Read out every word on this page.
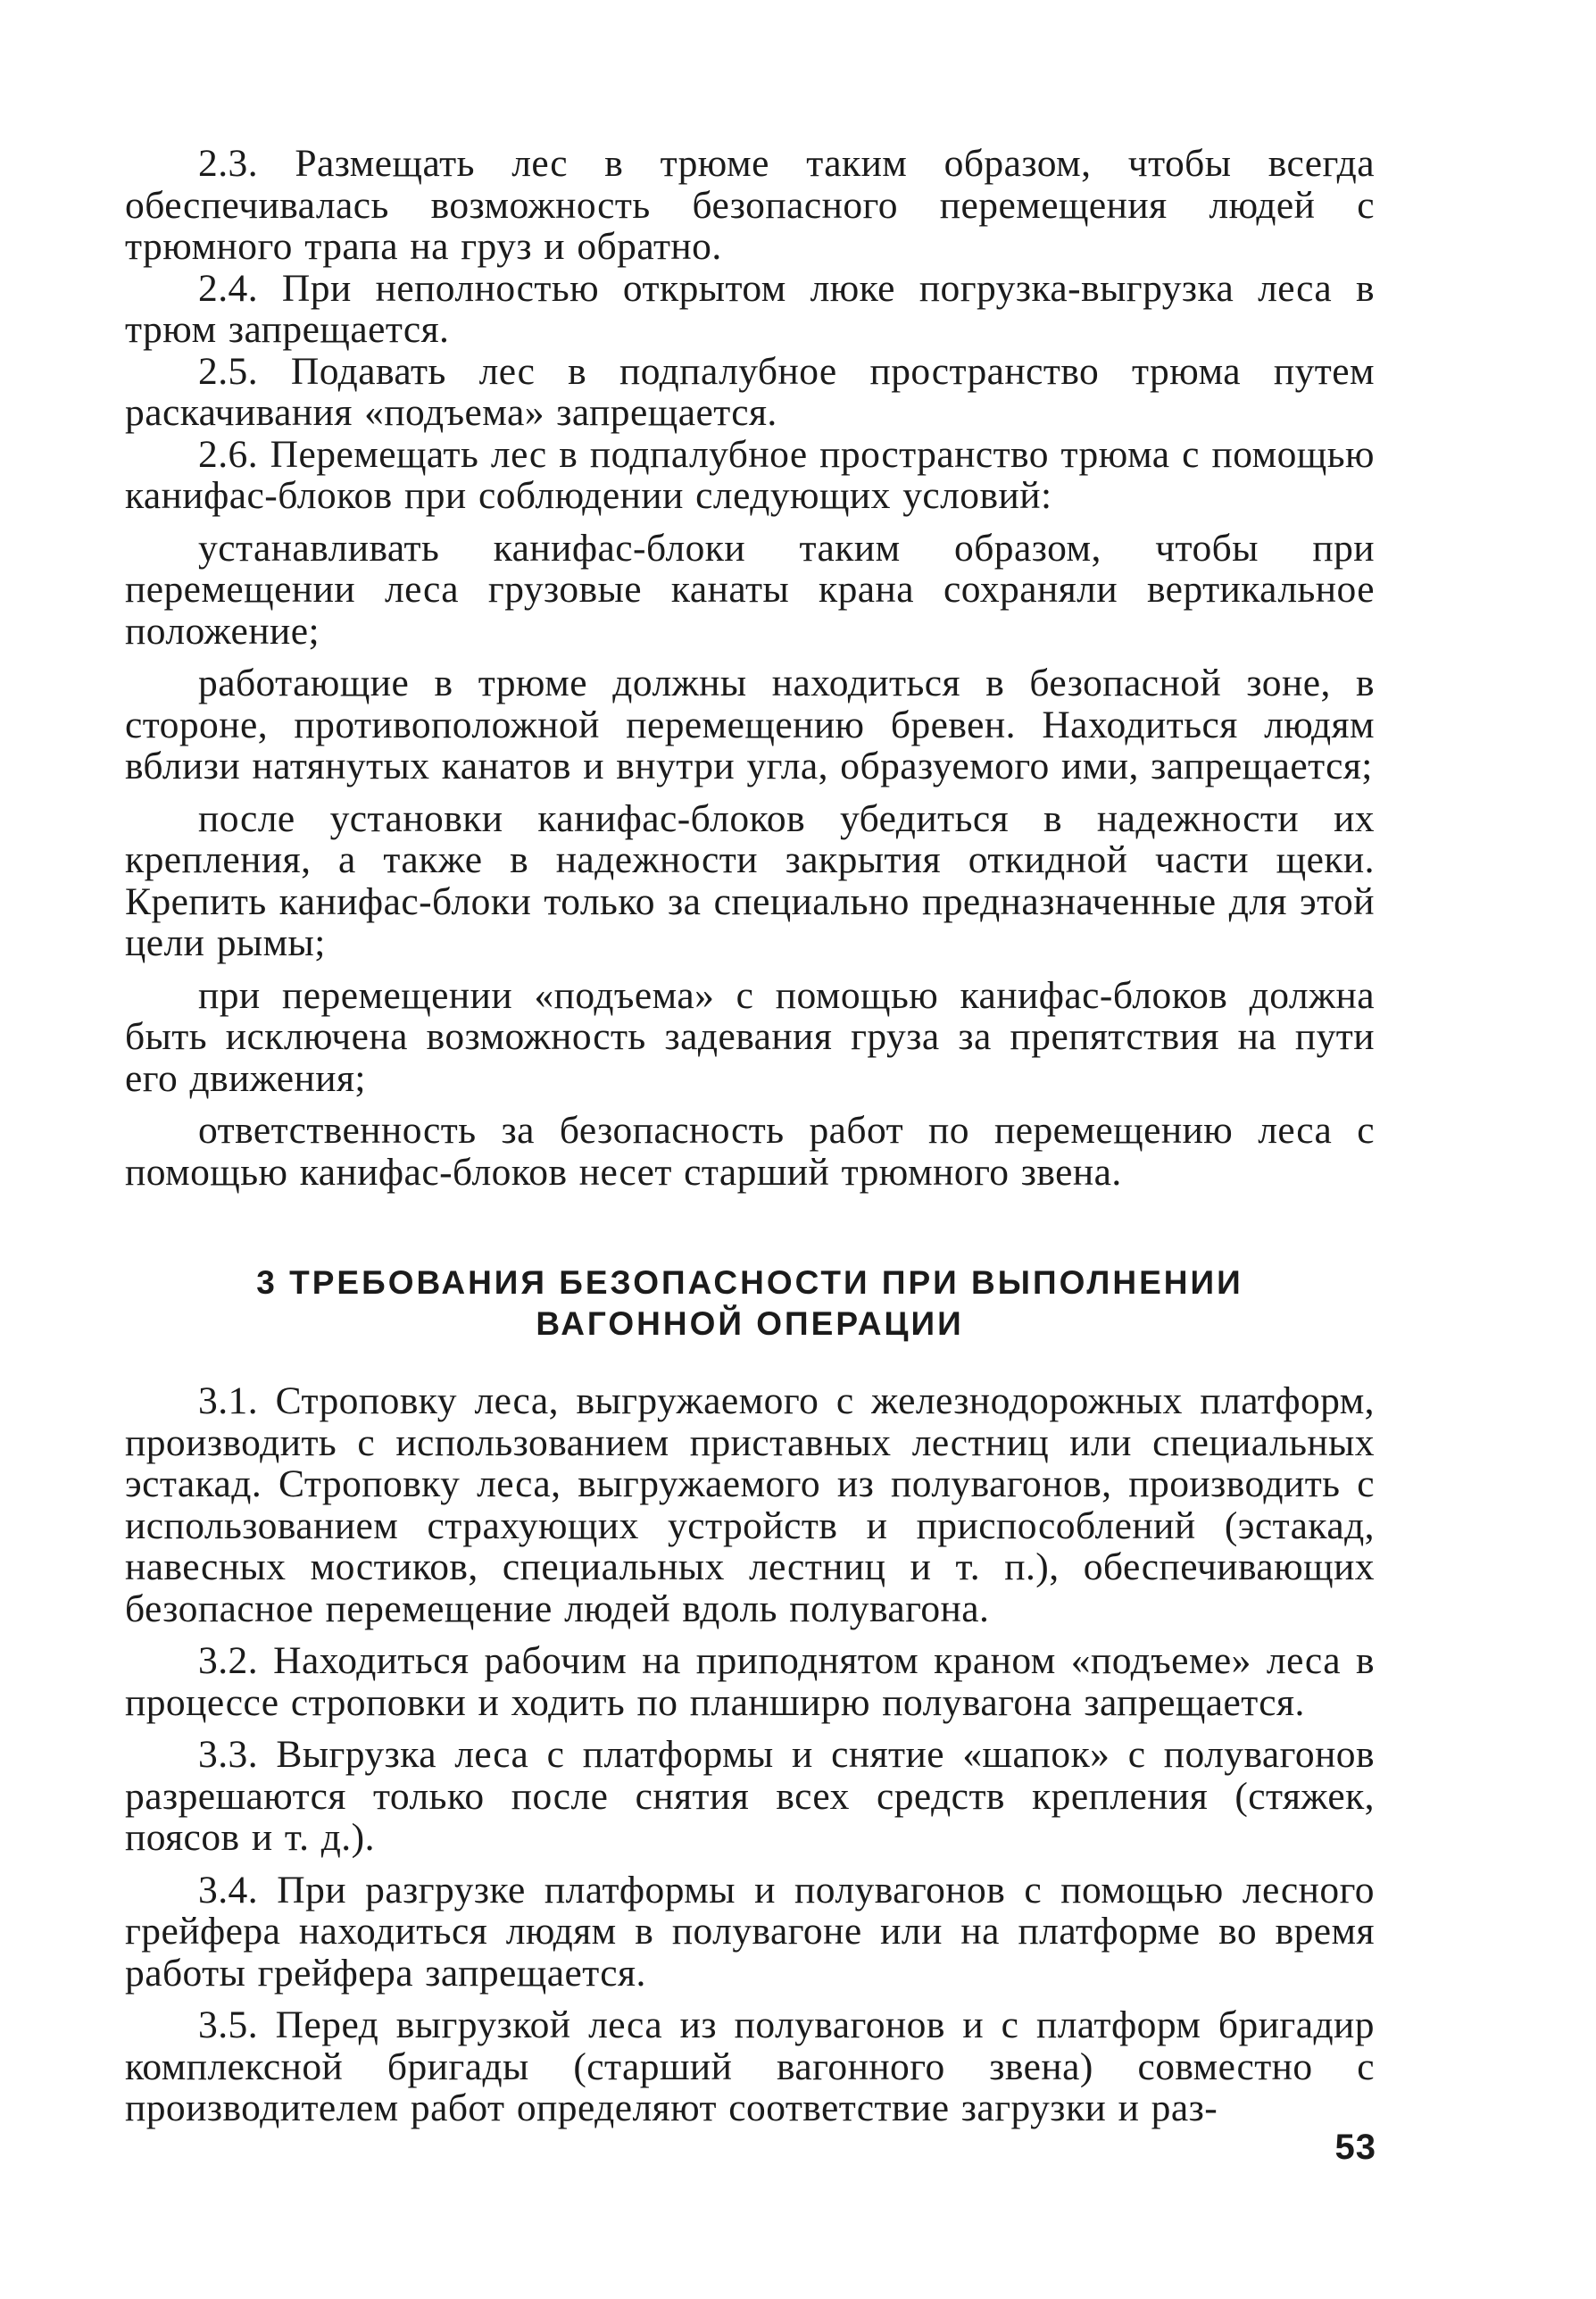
2.3. Размещать лес в трюме таким образом, чтобы всегда обеспечивалась возможность безопасного перемещения людей с трюмного трапа на груз и обратно.

2.4. При неполностью открытом люке погрузка-выгрузка леса в трюм запрещается.

2.5. Подавать лес в подпалубное пространство трюма путем раскачивания «подъема» запрещается.

2.6. Перемещать лес в подпалубное пространство трюма с помощью канифас-блоков при соблюдении следующих условий:

устанавливать канифас-блоки таким образом, чтобы при перемещении леса грузовые канаты крана сохраняли вертикальное положение;

работающие в трюме должны находиться в безопасной зоне, в стороне, противоположной перемещению бревен. Находиться людям вблизи натянутых канатов и внутри угла, образуемого ими, запрещается;

после установки канифас-блоков убедиться в надежности их крепления, а также в надежности закрытия откидной части щеки. Крепить канифас-блоки только за специально предназначенные для этой цели рымы;

при перемещении «подъема» с помощью канифас-блоков должна быть исключена возможность задевания груза за препятствия на пути его движения;

ответственность за безопасность работ по перемещению леса с помощью канифас-блоков несет старший трюмного звена.

3 ТРЕБОВАНИЯ БЕЗОПАСНОСТИ ПРИ ВЫПОЛНЕНИИ
ВАГОННОЙ ОПЕРАЦИИ

3.1. Строповку леса, выгружаемого с железнодорожных платформ, производить с использованием приставных лестниц или специальных эстакад. Строповку леса, выгружаемого из полувагонов, производить с использованием страхующих устройств и приспособлений (эстакад, навесных мостиков, специальных лестниц и т. п.), обеспечивающих безопасное перемещение людей вдоль полувагона.

3.2. Находиться рабочим на приподнятом краном «подъеме» леса в процессе строповки и ходить по планширю полувагона запрещается.

3.3. Выгрузка леса с платформы и снятие «шапок» с полувагонов разрешаются только после снятия всех средств крепления (стяжек, поясов и т. д.).

3.4. При разгрузке платформы и полувагонов с помощью лесного грейфера находиться людям в полувагоне или на платформе во время работы грейфера запрещается.

3.5. Перед выгрузкой леса из полувагонов и с платформ бригадир комплексной бригады (старший вагонного звена) совместно с производителем работ определяют соответствие загрузки и раз-

53
